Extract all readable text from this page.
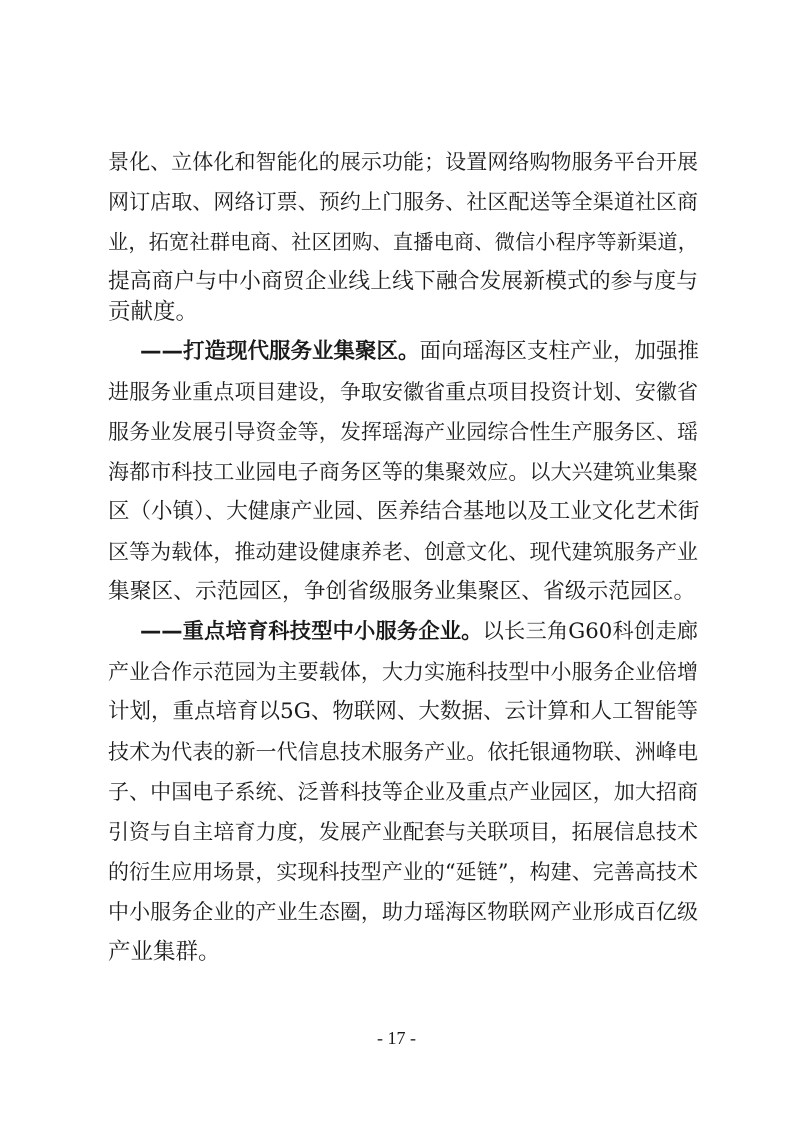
景化、立体化和智能化的展示功能；设置网络购物服务平台开展
网订店取、网络订票、预约上门服务、社区配送等全渠道社区商
业，拓宽社群电商、社区团购、直播电商、微信小程序等新渠道，
提高商户与中小商贸企业线上线下融合发展新模式的参与度与
贡献度。
——打造现代服务业集聚区。面向瑶海区支柱产业，加强推
进服务业重点项目建设，争取安徽省重点项目投资计划、安徽省
服务业发展引导资金等，发挥瑶海产业园综合性生产服务区、瑶
海都市科技工业园电子商务区等的集聚效应。以大兴建筑业集聚
区（小镇）、大健康产业园、医养结合基地以及工业文化艺术街
区等为载体，推动建设健康养老、创意文化、现代建筑服务产业
集聚区、示范园区，争创省级服务业集聚区、省级示范园区。
——重点培育科技型中小服务企业。以长三角G60科创走廊
产业合作示范园为主要载体，大力实施科技型中小服务企业倍增
计划，重点培育以5G、物联网、大数据、云计算和人工智能等
技术为代表的新一代信息技术服务产业。依托银通物联、洲峰电
子、中国电子系统、泛普科技等企业及重点产业园区，加大招商
引资与自主培育力度，发展产业配套与关联项目，拓展信息技术
的衍生应用场景，实现科技型产业的“延链”，构建、完善高技术
中小服务企业的产业生态圈，助力瑶海区物联网产业形成百亿级
产业集群。
- 17 -
